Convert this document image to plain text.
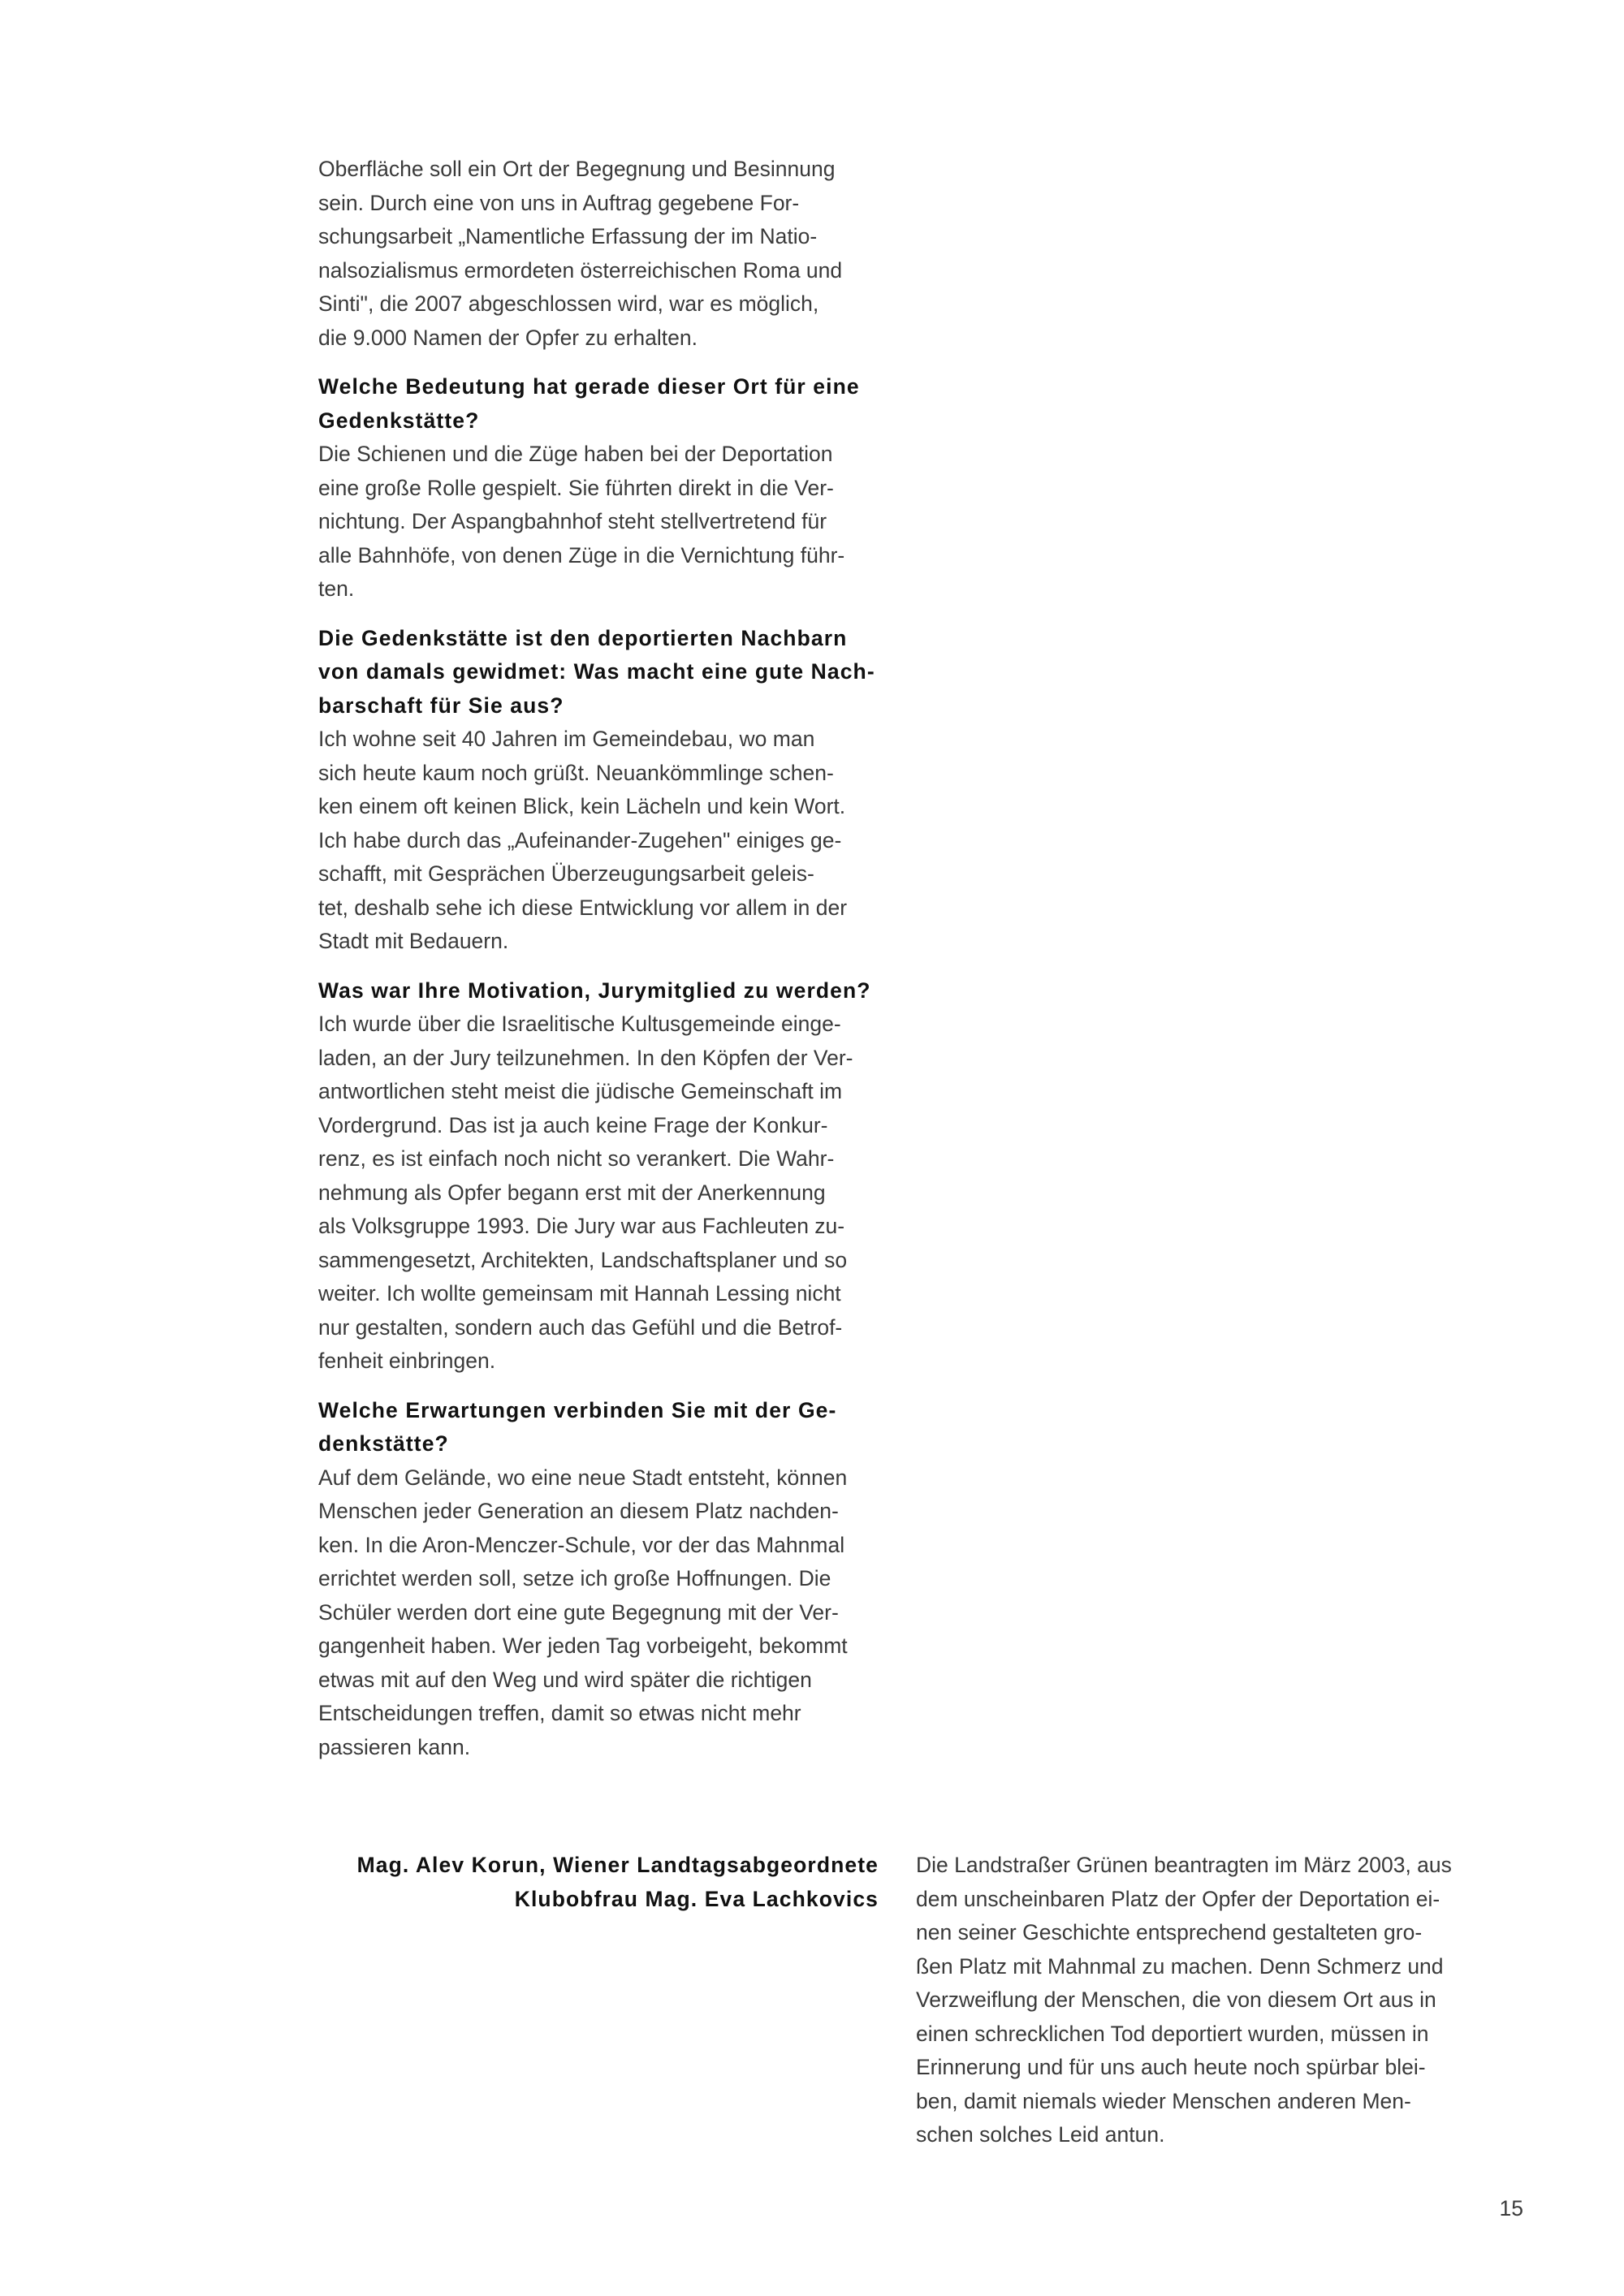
Oberfläche soll ein Ort der Begegnung und Besinnung
sein. Durch eine von uns in Auftrag gegebene For-
schungsarbeit „Namentliche Erfassung der im Natio-
nalsozialismus ermordeten österreichischen Roma und
Sinti", die 2007 abgeschlossen wird, war es möglich,
die 9.000 Namen der Opfer zu erhalten.
Welche Bedeutung hat gerade dieser Ort für eine
Gedenkstätte?
Die Schienen und die Züge haben bei der Deportation
eine große Rolle gespielt. Sie führten direkt in die Ver-
nichtung. Der Aspangbahnhof steht stellvertretend für
alle Bahnhöfe, von denen Züge in die Vernichtung führ-
ten.
Die Gedenkstätte ist den deportierten Nachbarn
von damals gewidmet: Was macht eine gute Nach-
barschaft für Sie aus?
Ich wohne seit 40 Jahren im Gemeindebau, wo man
sich heute kaum noch grüßt. Neuankömmlinge schen-
ken einem oft keinen Blick, kein Lächeln und kein Wort.
Ich habe durch das „Aufeinander-Zugehen" einiges ge-
schafft, mit Gesprächen Überzeugungsarbeit geleis-
tet, deshalb sehe ich diese Entwicklung vor allem in der
Stadt mit Bedauern.
Was war Ihre Motivation, Jurymitglied zu werden?
Ich wurde über die Israelitische Kultusgemeinde einge-
laden, an der Jury teilzunehmen. In den Köpfen der Ver-
antwortlichen steht meist die jüdische Gemeinschaft im
Vordergrund. Das ist ja auch keine Frage der Konkur-
renz, es ist einfach noch nicht so verankert. Die Wahr-
nehmung als Opfer begann erst mit der Anerkennung
als Volksgruppe 1993. Die Jury war aus Fachleuten zu-
sammengesetzt, Architekten, Landschaftsplaner und so
weiter. Ich wollte gemeinsam mit Hannah Lessing nicht
nur gestalten, sondern auch das Gefühl und die Betrof-
fenheit einbringen.
Welche Erwartungen verbinden Sie mit der Ge-
denkstätte?
Auf dem Gelände, wo eine neue Stadt entsteht, können
Menschen jeder Generation an diesem Platz nachden-
ken. In die Aron-Menczer-Schule, vor der das Mahnmal
errichtet werden soll, setze ich große Hoffnungen. Die
Schüler werden dort eine gute Begegnung mit der Ver-
gangenheit haben. Wer jeden Tag vorbeigeht, bekommt
etwas mit auf den Weg und wird später die richtigen
Entscheidungen treffen, damit so etwas nicht mehr
passieren kann.
Mag. Alev Korun, Wiener Landtagsabgeordnete
Klubobfrau Mag. Eva Lachkovics
Die Landstraßer Grünen beantragten im März 2003, aus
dem unscheinbaren Platz der Opfer der Deportation ei-
nen seiner Geschichte entsprechend gestalteten gro-
ßen Platz mit Mahnmal zu machen. Denn Schmerz und
Verzweiflung der Menschen, die von diesem Ort aus in
einen schrecklichen Tod deportiert wurden, müssen in
Erinnerung und für uns auch heute noch spürbar blei-
ben, damit niemals wieder Menschen anderen Men-
schen solches Leid antun.
15
